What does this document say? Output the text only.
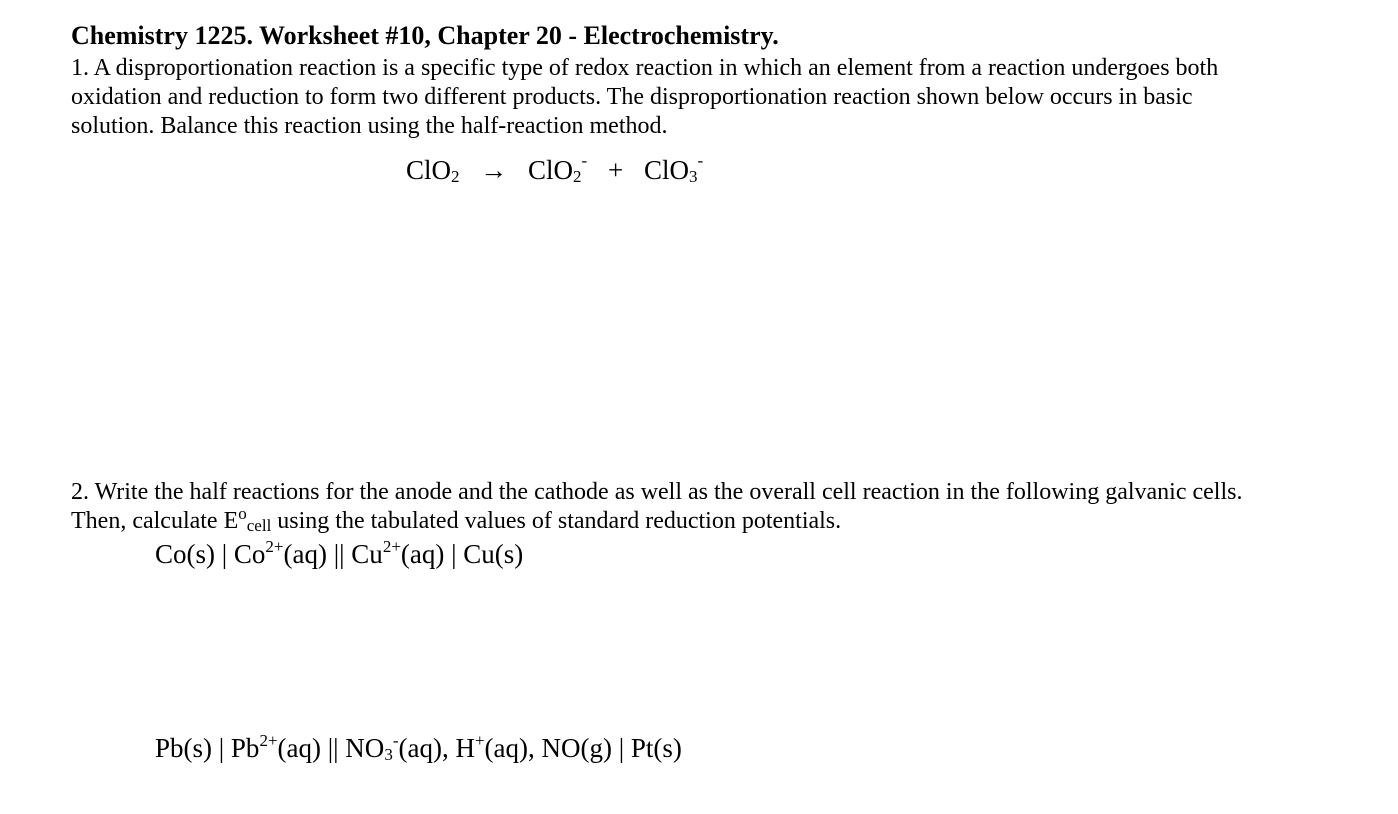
Chemistry 1225. Worksheet #10, Chapter 20 - Electrochemistry.
1. A disproportionation reaction is a specific type of redox reaction in which an element from a reaction undergoes both
oxidation and reduction to form two different products. The disproportionation reaction shown below occurs in basic
solution. Balance this reaction using the half-reaction method.
ClO2 → ClO2- + ClO3-
2. Write the half reactions for the anode and the cathode as well as the overall cell reaction in the following galvanic cells.
Then, calculate $E^ocell$ using the tabulated values of standard reduction potentials.
Co(s) | $Co^{2+}(aq)$ || $Cu^{2+}(aq)$ | Cu(s)
Pb(s) | $Pb^{2+}(aq)$ || NO3-(aq), H+(aq), NO(g) | Pt(s)
